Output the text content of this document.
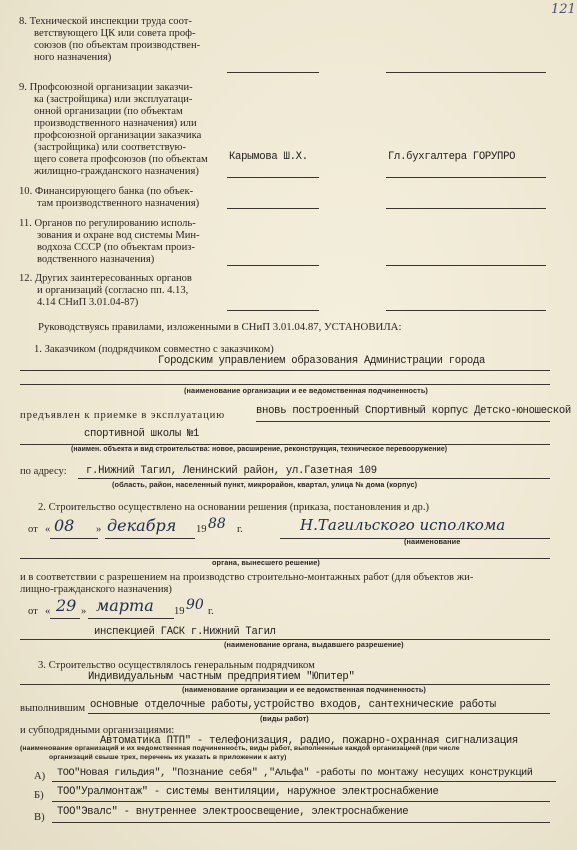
121
8. Технической инспекции труда соот-
ветствующего ЦК или совета проф-
союзов (по объектам производствен-
ного назначения)
9. Профсоюзной организации заказчи-
ка (застройщика) или эксплуатаци-
онной организации (по объектам
производственного назначения) или
профсоюзной организации заказчика
(застройщика) или соответствую-
щего совета профсоюзов (по объектам
жилищно-гражданского назначения)
Карымова Ш.Х.	Гл.бухгалтера ГОРУПРО
10. Финансирующего банка (по объек-
там производственного назначения)
11. Органов по регулированию исполь-
зования и охране вод системы Мин-
водхоза СССР (по объектам произ-
водственного назначения)
12. Других заинтересованных органов
и организаций (согласно пп. 4.13,
4.14 СНиП 3.01.04-87)
Руководствуясь правилами, изложенными в СНиП 3.01.04.87, УСТАНОВИЛА:
1. Заказчиком (подрядчиком совместно с заказчиком)
Городским управлением образования Администрации города
(наименование организации и ее ведомственная подчиненность)
предъявлен к приемке в эксплуатацию	вновь построенный Спортивный корпус Детско-юношеской
спортивной школы №1
(наимен. объекта и вид строительства: новое, расширение, реконструкция, техническое перевооружение)
по адресу: г.Нижний Тагил, Ленинский район, ул.Газетная 109
(область, район, населенный пункт, микрорайон, квартал, улица № дома (корпус)
2. Строительство осуществлено на основании решения (приказа, постановления и др.)
от « 08 » декабря 19 88 г.	Н.Тагильского исполкома
(наименование
органа, вынесшего решение)
и в соответствии с разрешением на производство строительно-монтажных работ (для объектов жи-
лищно-гражданского назначения)
от « 29 » марта 19 90 г.
инспекцией ГАСК г.Нижний Тагил
(наименование органа, выдавшего разрешение)
3. Строительство осуществлялось генеральным подрядчиком
Индивидуальным частным предприятием "Юпитер"
(наименование организации и ее ведомственная подчиненность)
выполнившим основные отделочные работы,устройство входов, сантехнические работы
(виды работ)
и субподрядными организациями:
Автоматика ПТП" - телефонизация, радио, пожарно-охранная сигнализация
(наименование организаций и их ведомственная подчиненность, виды работ, выполненные каждой организацией (при числе
организаций свыше трех, перечень их указать в приложении к акту)
А) ТОО"Новая гильдия", "Познание себя" ,"Альфа" -работы по монтажу несущих конструкций
Б) ТОО"Уралмонтаж" - системы вентиляции, наружное электроснабжение
В) ТОО"Эвалс" - внутреннее электроосвещение, электроснабжение
